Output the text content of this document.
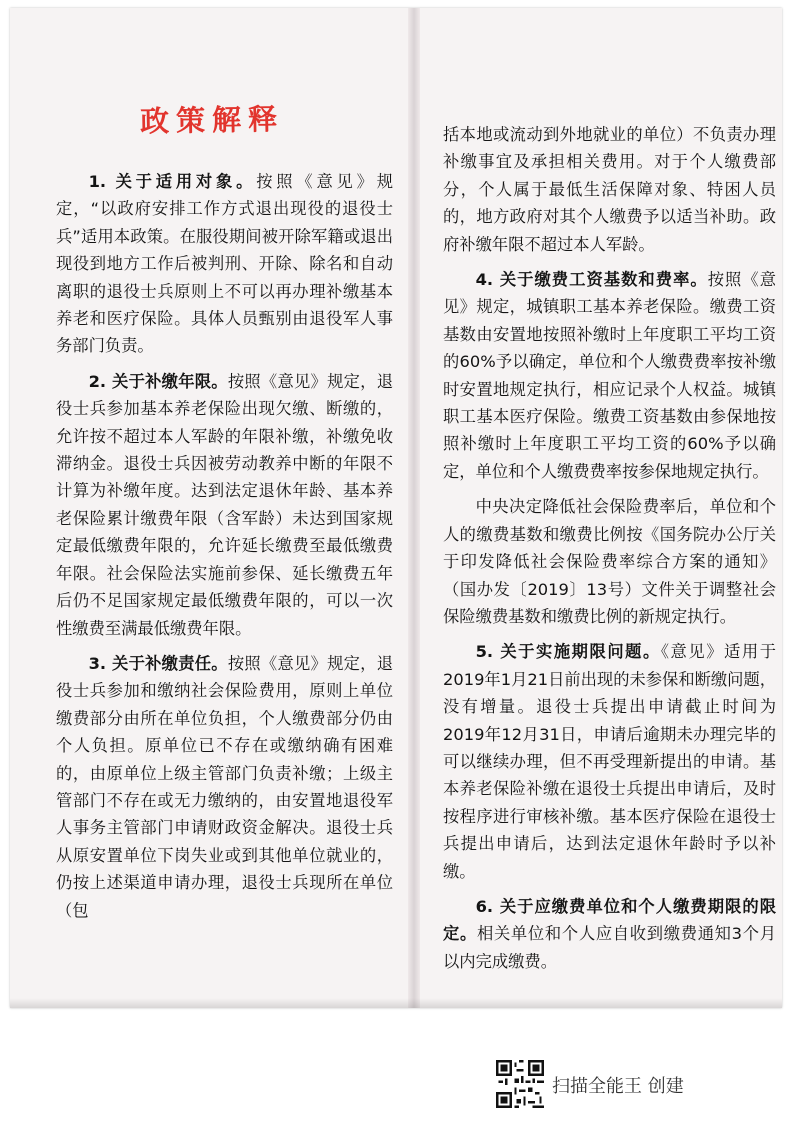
政策解释

1. 关于适用对象。按照《意见》规定，“以政府安排工作方式退出现役的退役士兵”适用本政策。在服役期间被开除军籍或退出现役到地方工作后被判刑、开除、除名和自动离职的退役士兵原则上不可以再办理补缴基本养老和医疗保险。具体人员甄别由退役军人事务部门负责。

2. 关于补缴年限。按照《意见》规定，退役士兵参加基本养老保险出现欠缴、断缴的，允许按不超过本人军龄的年限补缴，补缴免收滞纳金。退役士兵因被劳动教养中断的年限不计算为补缴年度。达到法定退休年龄、基本养老保险累计缴费年限（含军龄）未达到国家规定最低缴费年限的，允许延长缴费至最低缴费年限。社会保险法实施前参保、延长缴费五年后仍不足国家规定最低缴费年限的，可以一次性缴费至满最低缴费年限。

3. 关于补缴责任。按照《意见》规定，退役士兵参加和缴纳社会保险费用，原则上单位缴费部分由所在单位负担，个人缴费部分仍由个人负担。原单位已不存在或缴纳确有困难的，由原单位上级主管部门负责补缴；上级主管部门不存在或无力缴纳的，由安置地退役军人事务主管部门申请财政资金解决。退役士兵从原安置单位下岗失业或到其他单位就业的，仍按上述渠道申请办理，退役士兵现所在单位（包

括本地或流动到外地就业的单位）不负责办理补缴事宜及承担相关费用。对于个人缴费部分，个人属于最低生活保障对象、特困人员的，地方政府对其个人缴费予以适当补助。政府补缴年限不超过本人军龄。

4. 关于缴费工资基数和费率。按照《意见》规定，城镇职工基本养老保险。缴费工资基数由安置地按照补缴时上年度职工平均工资的60%予以确定，单位和个人缴费费率按补缴时安置地规定执行，相应记录个人权益。城镇职工基本医疗保险。缴费工资基数由参保地按照补缴时上年度职工平均工资的60%予以确定，单位和个人缴费费率按参保地规定执行。

中央决定降低社会保险费率后，单位和个人的缴费基数和缴费比例按《国务院办公厅关于印发降低社会保险费率综合方案的通知》（国办发〔2019〕13号）文件关于调整社会保险缴费基数和缴费比例的新规定执行。

5. 关于实施期限问题。《意见》适用于2019年1月21日前出现的未参保和断缴问题，没有增量。退役士兵提出申请截止时间为2019年12月31日，申请后逾期未办理完毕的可以继续办理，但不再受理新提出的申请。基本养老保险补缴在退役士兵提出申请后，及时按程序进行审核补缴。基本医疗保险在退役士兵提出申请后，达到法定退休年龄时予以补缴。

6. 关于应缴费单位和个人缴费期限的限定。相关单位和个人应自收到缴费通知3个月以内完成缴费。

扫描全能王 创建
